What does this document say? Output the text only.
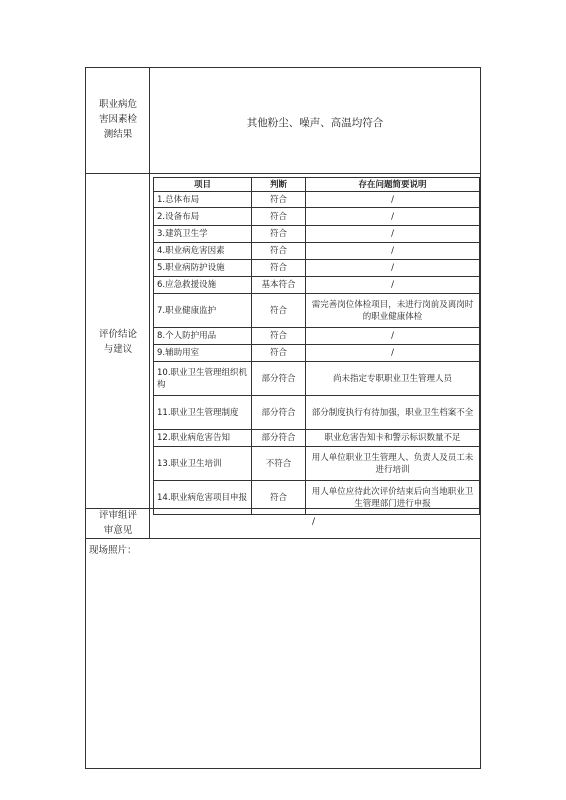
职业病危
害因素检
测结果
其他粉尘、噪声、高温均符合
评价结论
与建议
项目	判断	存在问题简要说明
1.总体布局	符合	/
2.设备布局	符合	/
3.建筑卫生学	符合	/
4.职业病危害因素	符合	/
5.职业病防护设施	符合	/
6.应急救援设施	基本符合	/
7.职业健康监护	符合	需完善岗位体检项目，未进行岗前及离岗时的职业健康体检
8.个人防护用品	符合	/
9.辅助用室	符合	/
10.职业卫生管理组织机构	部分符合	尚未指定专职职业卫生管理人员
11.职业卫生管理制度	部分符合	部分制度执行有待加强，职业卫生档案不全
12.职业病危害告知	部分符合	职业危害告知卡和警示标识数量不足
13.职业卫生培训	不符合	用人单位职业卫生管理人、负责人及员工未进行培训
14.职业病危害项目申报	符合	用人单位应待此次评价结束后向当地职业卫生管理部门进行申报
评审组评
审意见
/
现场照片：
